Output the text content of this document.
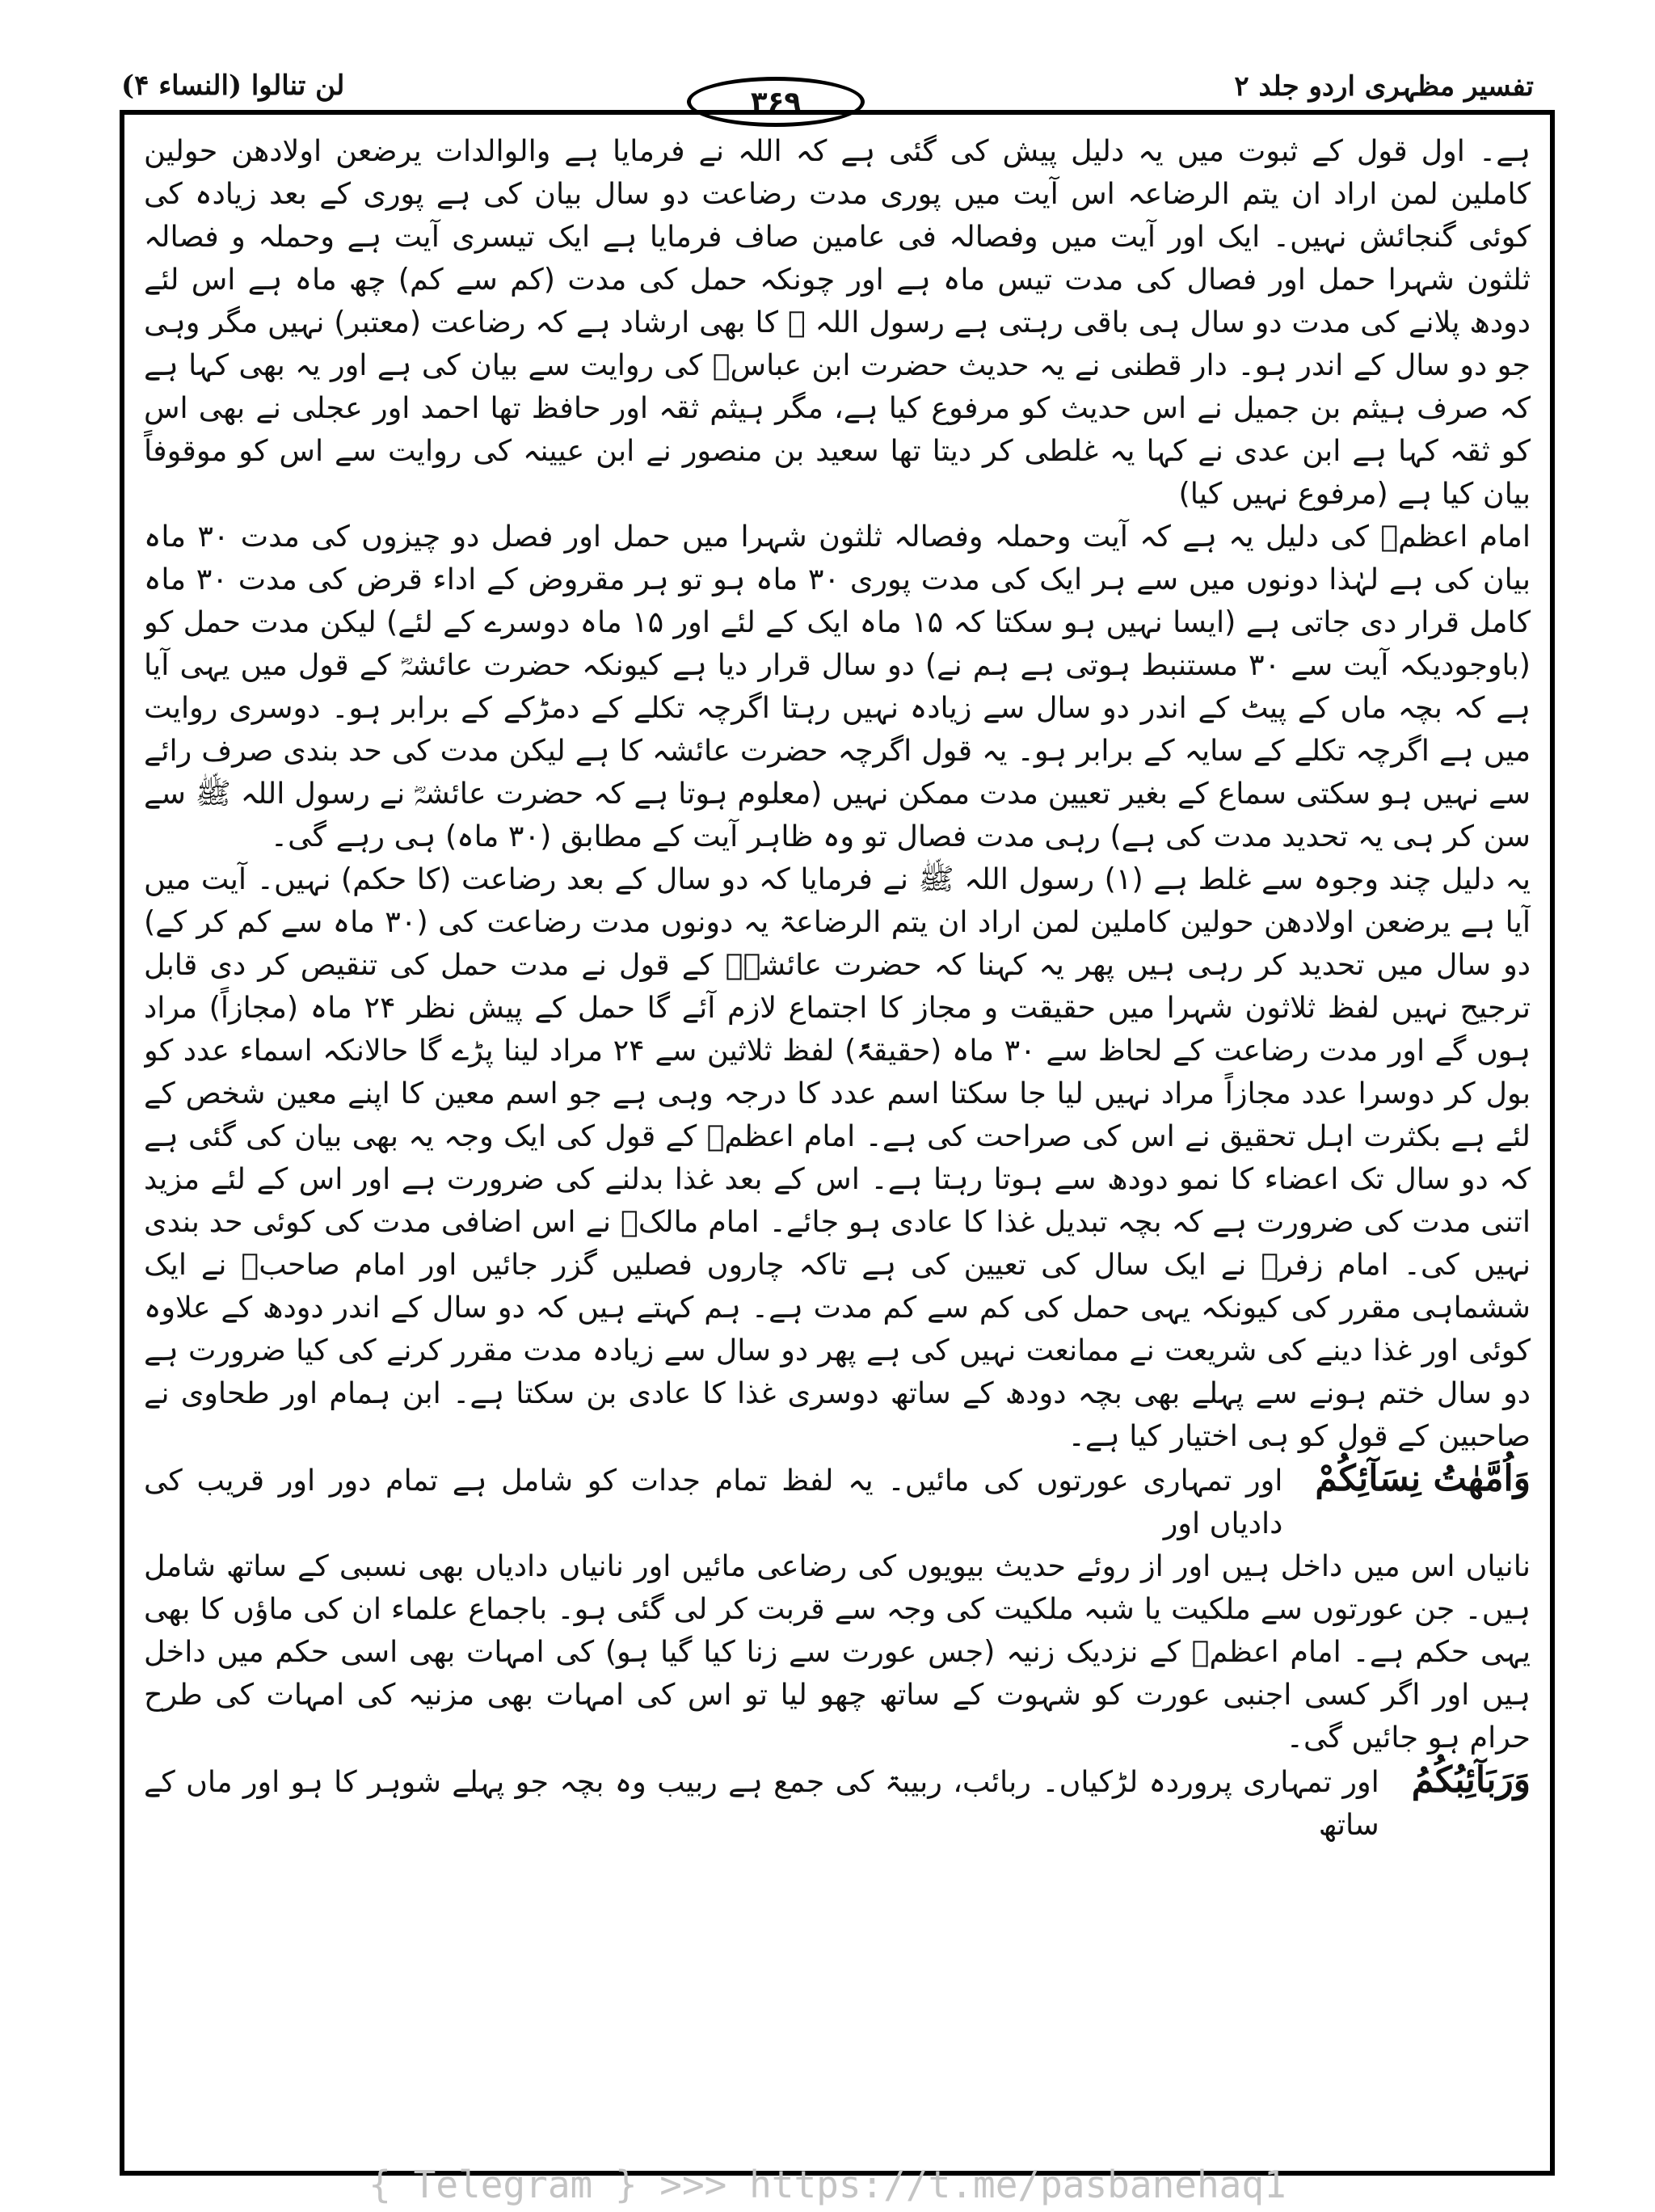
تفسیر مظہری اردو جلد ۲
۳۶۹
لن تنالوا (النساء ۴)

ہے۔ اول قول کے ثبوت میں یہ دلیل پیش کی گئی ہے کہ اللہ نے فرمایا ہے والوالدات یرضعن اولادھن حولین کاملین لمن اراد ان یتم الرضاعہ اس آیت میں پوری مدت رضاعت دو سال بیان کی ہے پوری کے بعد زیادہ کی کوئی گنجائش نہیں۔ ایک اور آیت میں وفصالہ فی عامین صاف فرمایا ہے ایک تیسری آیت ہے وحملہ و فصالہ ثلثون شہرا حمل اور فصال کی مدت تیس ماہ ہے اور چونکہ حمل کی مدت (کم سے کم) چھ ماہ ہے اس لئے دودھ پلانے کی مدت دو سال ہی باقی رہتی ہے رسول اللہ ﷺ کا بھی ارشاد ہے کہ رضاعت (معتبر) نہیں مگر وہی جو دو سال کے اندر ہو۔ دار قطنی نے یہ حدیث حضرت ابن عباسؓ کی روایت سے بیان کی ہے اور یہ بھی کہا ہے کہ صرف ہیثم بن جمیل نے اس حدیث کو مرفوع کیا ہے، مگر ہیثم ثقہ اور حافظ تھا احمد اور عجلی نے بھی اس کو ثقہ کہا ہے ابن عدی نے کہا یہ غلطی کر دیتا تھا سعید بن منصور نے ابن عیینہ کی روایت سے اس کو موقوفاً بیان کیا ہے (مرفوع نہیں کیا)

امام اعظمؒ کی دلیل یہ ہے کہ آیت وحملہ وفصالہ ثلثون شہرا میں حمل اور فصل دو چیزوں کی مدت ۳۰ ماہ بیان کی ہے لہٰذا دونوں میں سے ہر ایک کی مدت پوری ۳۰ ماہ ہو تو ہر مقروض کے اداء قرض کی مدت ۳۰ ماہ کامل قرار دی جاتی ہے (ایسا نہیں ہو سکتا کہ ۱۵ ماہ ایک کے لئے اور ۱۵ ماہ دوسرے کے لئے) لیکن مدت حمل کو (باوجودیکہ آیت سے ۳۰ مستنبط ہوتی ہے ہم نے) دو سال قرار دیا ہے کیونکہ حضرت عائشہؓ کے قول میں یہی آیا ہے کہ بچہ ماں کے پیٹ کے اندر دو سال سے زیادہ نہیں رہتا اگرچہ تکلے کے دمڑکے کے برابر ہو۔ دوسری روایت میں ہے اگرچہ تکلے کے سایہ کے برابر ہو۔ یہ قول اگرچہ حضرت عائشہ کا ہے لیکن مدت کی حد بندی صرف رائے سے نہیں ہو سکتی سماع کے بغیر تعیین مدت ممکن نہیں (معلوم ہوتا ہے کہ حضرت عائشہؓ نے رسول اللہ ﷺ سے سن کر ہی یہ تحدید مدت کی ہے) رہی مدت فصال تو وہ ظاہر آیت کے مطابق (۳۰ ماہ) ہی رہے گی۔

یہ دلیل چند وجوہ سے غلط ہے (۱) رسول اللہ ﷺ نے فرمایا کہ دو سال کے بعد رضاعت (کا حکم) نہیں۔ آیت میں آیا ہے یرضعن اولادھن حولین کاملین لمن اراد ان یتم الرضاعۃ یہ دونوں مدت رضاعت کی (۳۰ ماہ سے کم کر کے) دو سال میں تحدید کر رہی ہیں پھر یہ کہنا کہ حضرت عائشہؓ کے قول نے مدت حمل کی تنقیص کر دی قابل ترجیح نہیں لفظ ثلاثون شہرا میں حقیقت و مجاز کا اجتماع لازم آئے گا حمل کے پیش نظر ۲۴ ماہ (مجازاً) مراد ہوں گے اور مدت رضاعت کے لحاظ سے ۳۰ ماہ (حقیقۃً) لفظ ثلاثین سے ۲۴ مراد لینا پڑے گا حالانکہ اسماء عدد کو بول کر دوسرا عدد مجازاً مراد نہیں لیا جا سکتا اسم عدد کا درجہ وہی ہے جو اسم معین کا اپنے معین شخص کے لئے ہے بکثرت اہل تحقیق نے اس کی صراحت کی ہے۔ امام اعظمؒ کے قول کی ایک وجہ یہ بھی بیان کی گئی ہے کہ دو سال تک اعضاء کا نمو دودھ سے ہوتا رہتا ہے۔ اس کے بعد غذا بدلنے کی ضرورت ہے اور اس کے لئے مزید اتنی مدت کی ضرورت ہے کہ بچہ تبدیل غذا کا عادی ہو جائے۔ امام مالکؒ نے اس اضافی مدت کی کوئی حد بندی نہیں کی۔ امام زفرؒ نے ایک سال کی تعیین کی ہے تاکہ چاروں فصلیں گزر جائیں اور امام صاحبؒ نے ایک ششماہی مقرر کی کیونکہ یہی حمل کی کم سے کم مدت ہے۔ ہم کہتے ہیں کہ دو سال کے اندر دودھ کے علاوہ کوئی اور غذا دینے کی شریعت نے ممانعت نہیں کی ہے پھر دو سال سے زیادہ مدت مقرر کرنے کی کیا ضرورت ہے دو سال ختم ہونے سے پہلے بھی بچہ دودھ کے ساتھ دوسری غذا کا عادی بن سکتا ہے۔ ابن ہمام اور طحاوی نے صاحبین کے قول کو ہی اختیار کیا ہے۔

وَاُمَّهٰتُ نِسَآئِكُمْ
اور تمہاری عورتوں کی مائیں۔ یہ لفظ تمام جدات کو شامل ہے تمام دور اور قریب کی دادیاں اور

نانیاں اس میں داخل ہیں اور از روئے حدیث بیویوں کی رضاعی مائیں اور نانیاں دادیاں بھی نسبی کے ساتھ شامل ہیں۔ جن عورتوں سے ملکیت یا شبہ ملکیت کی وجہ سے قربت کر لی گئی ہو۔ باجماع علماء ان کی ماؤں کا بھی یہی حکم ہے۔ امام اعظمؒ کے نزدیک زنیہ (جس عورت سے زنا کیا گیا ہو) کی امہات بھی اسی حکم میں داخل ہیں اور اگر کسی اجنبی عورت کو شہوت کے ساتھ چھو لیا تو اس کی امہات بھی مزنیہ کی امہات کی طرح حرام ہو جائیں گی۔

وَرَبَآئِبُكُمُ
اور تمہاری پروردہ لڑکیاں۔ ربائب، ربیبۃ کی جمع ہے ربیب وہ بچہ جو پہلے شوہر کا ہو اور ماں کے ساتھ
{ Telegram } >>> https://t.me/pasbanehaq1
